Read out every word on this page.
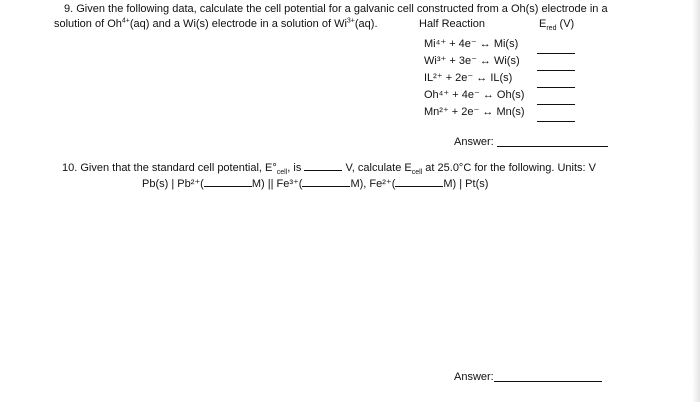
9. Given the following data, calculate the cell potential for a galvanic cell constructed from a Oh(s) electrode in a
solution of $Oh^{4+}(aq)$ and a Wi(s) electrode in a solution of $Wi^{3+}(aq)$.	Half Reaction	$E_{red}$ (V)
Mi⁴⁺ + 4e⁻ ↔ Mi(s)
Wi³⁺ + 3e⁻ ↔ Wi(s)
IL²⁺ + 2e⁻ ↔ IL(s)
Oh⁴⁺ + 4e⁻ ↔ Oh(s)
Mn²⁺ + 2e⁻ ↔ Mn(s)
Answer:
10. Given that the standard cell potential, $E^\circ_{cell}$, is	V, calculate $E_{cell}$ at 25.0°C for the following. Units: V
Pb(s) | Pb²⁺(	M) || Fe³⁺(	M), Fe²⁺(	M) | Pt(s)
Answer:
